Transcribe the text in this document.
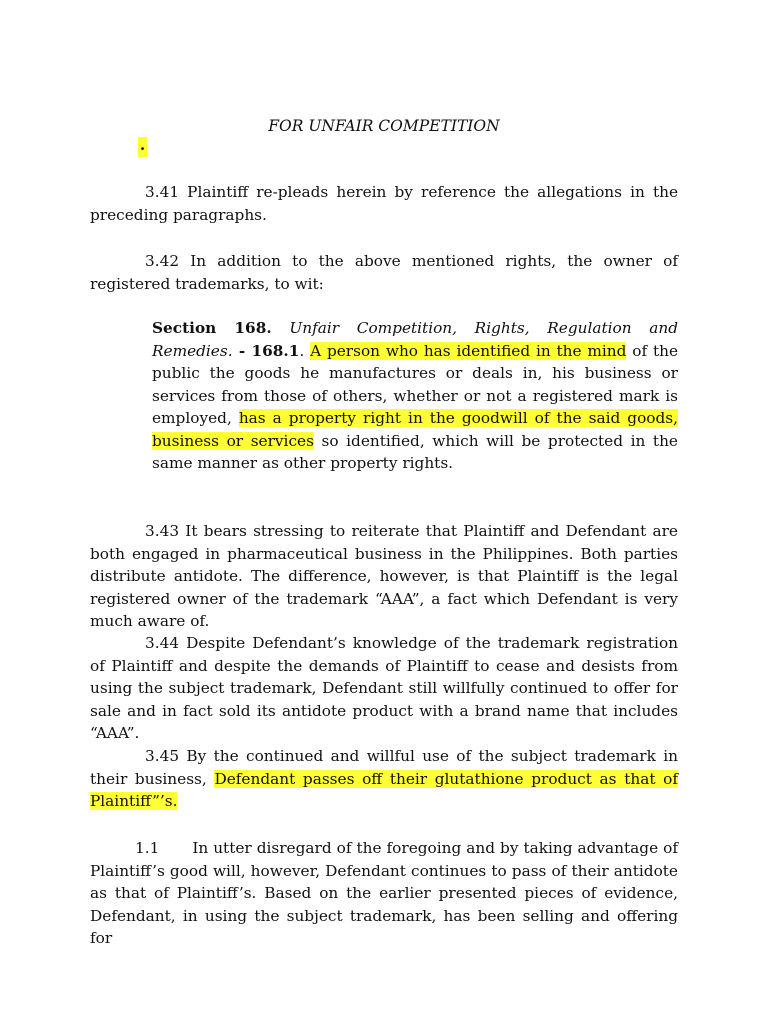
FOR UNFAIR COMPETITION
.

3.41 Plaintiff re-pleads herein by reference the allegations in the preceding paragraphs.

3.42 In addition to the above mentioned rights, the owner of registered trademarks, to wit:

Section 168. Unfair Competition, Rights, Regulation and Remedies. - 168.1. A person who has identified in the mind of the public the goods he manufactures or deals in, his business or services from those of others, whether or not a registered mark is employed, has a property right in the goodwill of the said goods, business or services so identified, which will be protected in the same manner as other property rights.

3.43 It bears stressing to reiterate that Plaintiff and Defendant are both engaged in pharmaceutical business in the Philippines. Both parties distribute antidote. The difference, however, is that Plaintiff is the legal registered owner of the trademark “AAA”, a fact which Defendant is very much aware of.

3.44 Despite Defendant’s knowledge of the trademark registration of Plaintiff and despite the demands of Plaintiff to cease and desists from using the subject trademark, Defendant still willfully continued to offer for sale and in fact sold its antidote product with a brand name that includes “AAA”.

3.45 By the continued and willful use of the subject trademark in their business, Defendant passes off their glutathione product as that of Plaintiff”’s.

1.1 In utter disregard of the foregoing and by taking advantage of Plaintiff’s good will, however, Defendant continues to pass of their antidote as that of Plaintiff’s. Based on the earlier presented pieces of evidence, Defendant, in using the subject trademark, has been selling and offering for
